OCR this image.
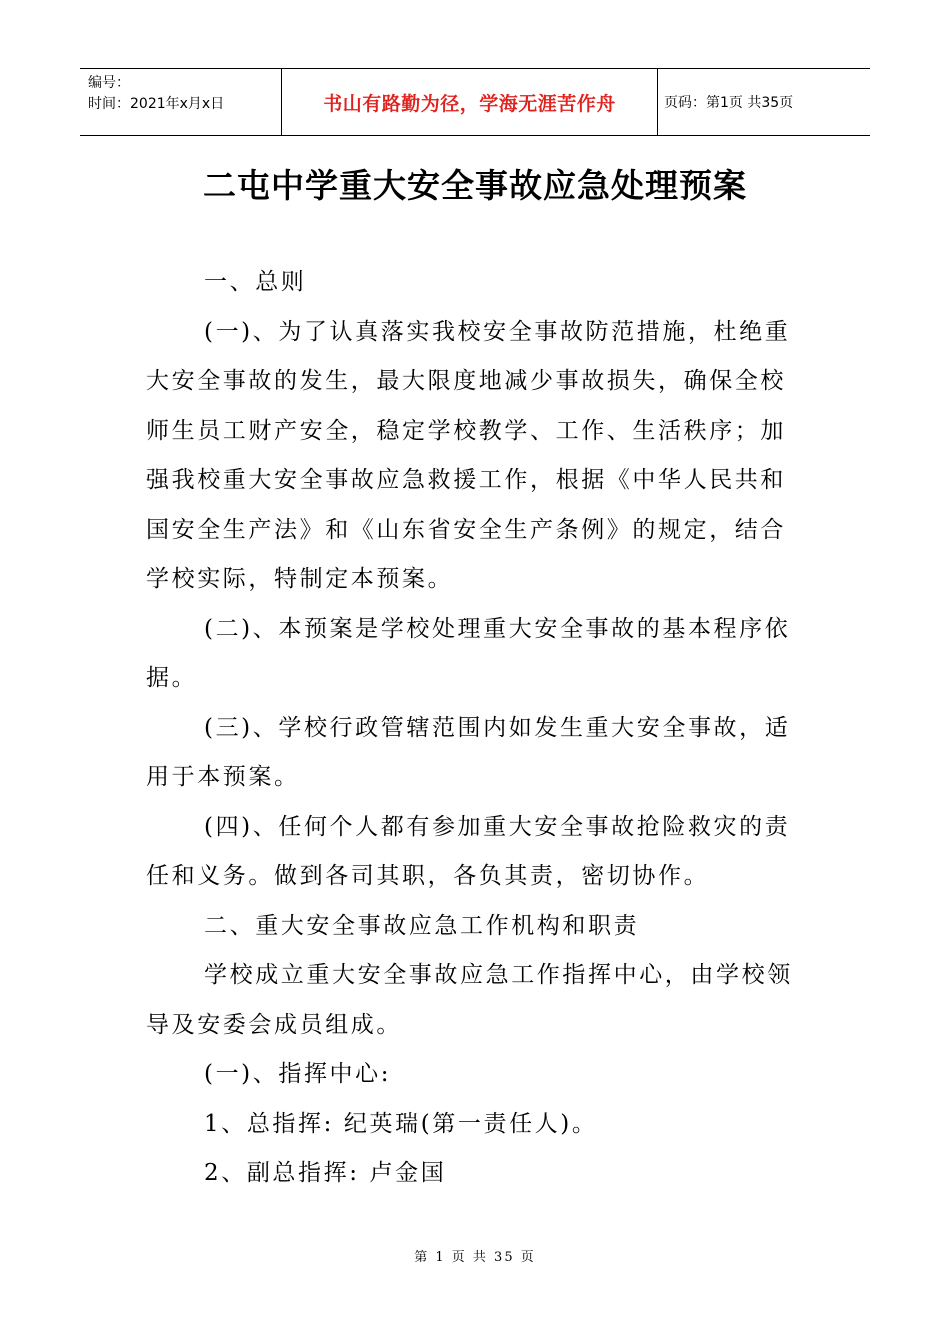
编号：
时间：2021年x月x日	书山有路勤为径，学海无涯苦作舟	页码：第1页 共35页
二屯中学重大安全事故应急处理预案

一、总则

(一)、为了认真落实我校安全事故防范措施，杜绝重大安全事故的发生，最大限度地减少事故损失，确保全校师生员工财产安全，稳定学校教学、工作、生活秩序；加强我校重大安全事故应急救援工作，根据《中华人民共和国安全生产法》和《山东省安全生产条例》的规定，结合学校实际，特制定本预案。

(二)、本预案是学校处理重大安全事故的基本程序依据。

(三)、学校行政管辖范围内如发生重大安全事故，适用于本预案。

(四)、任何个人都有参加重大安全事故抢险救灾的责任和义务。做到各司其职，各负其责，密切协作。

二、重大安全事故应急工作机构和职责

学校成立重大安全事故应急工作指挥中心，由学校领导及安委会成员组成。

(一)、指挥中心:

1、总指挥: 纪英瑞(第一责任人)。

2、副总指挥: 卢金国

第 1 页 共 35 页
